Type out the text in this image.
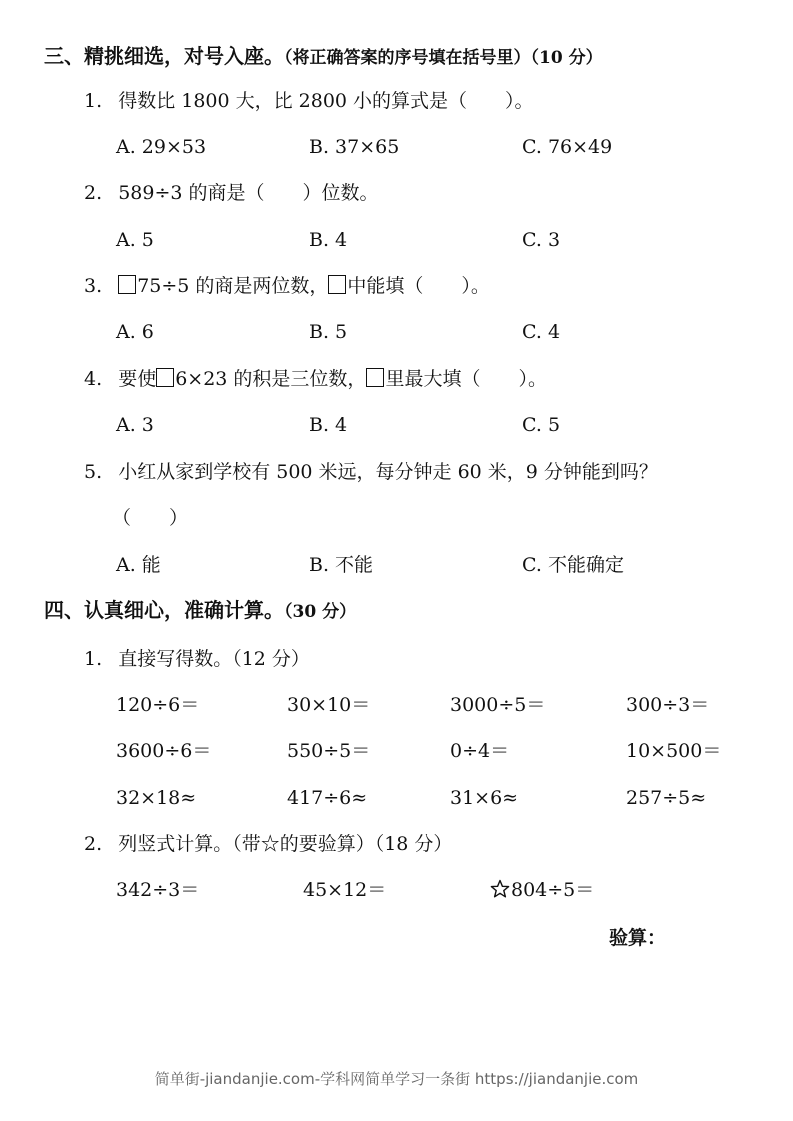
三、精挑细选，对号入座。（将正确答案的序号填在括号里）（10 分）
1. 得数比 1800 大，比 2800 小的算式是（　　）。
A. 29×53	B. 37×65	C. 76×49
2. 589÷3 的商是（　　）位数。
A. 5	B. 4	C. 3
3. 75÷5 的商是两位数， 中能填（　　）。
A. 6	B. 5	C. 4
4. 要使 6×23 的积是三位数， 里最大填（　　）。
A. 3	B. 4	C. 5
5. 小红从家到学校有 500 米远，每分钟走 60 米，9 分钟能到吗？
（　　）
A. 能	B. 不能	C. 不能确定
四、认真细心，准确计算。（30 分）
1. 直接写得数。（12 分）
120÷6＝	30×10＝	3000÷5＝	300÷3＝
3600÷6＝	550÷5＝	0÷4＝	10×500＝
32×18≈	417÷6≈	31×6≈	257÷5≈
2. 列竖式计算。（带☆的要验算）（18 分）
342÷3＝	45×12＝	804÷5＝
验算：
简单街-jiandanjie.com-学科网简单学习一条街 https://jiandanjie.com
